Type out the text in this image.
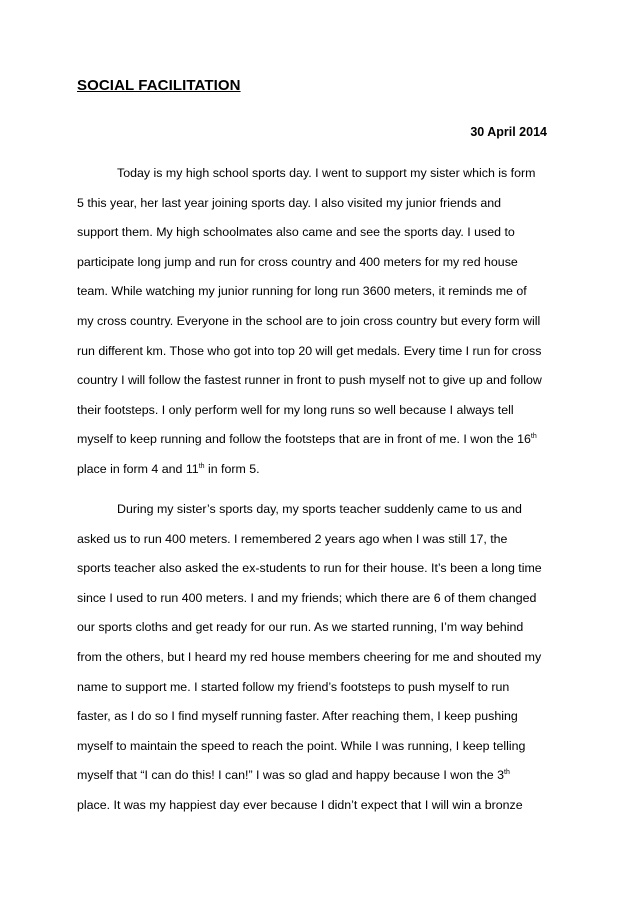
SOCIAL FACILITATION
30 April 2014
Today is my high school sports day. I went to support my sister which is form
5 this year, her last year joining sports day. I also visited my junior friends and
support them. My high schoolmates also came and see the sports day. I used to
participate long jump and run for cross country and 400 meters for my red house
team. While watching my junior running for long run 3600 meters, it reminds me of
my cross country. Everyone in the school are to join cross country but every form will
run different km. Those who got into top 20 will get medals. Every time I run for cross
country I will follow the fastest runner in front to push myself not to give up and follow
their footsteps. I only perform well for my long runs so well because I always tell
myself to keep running and follow the footsteps that are in front of me. I won the 16th
place in form 4 and 11th in form 5.
During my sister’s sports day, my sports teacher suddenly came to us and
asked us to run 400 meters. I remembered 2 years ago when I was still 17, the
sports teacher also asked the ex-students to run for their house. It’s been a long time
since I used to run 400 meters. I and my friends; which there are 6 of them changed
our sports cloths and get ready for our run. As we started running, I’m way behind
from the others, but I heard my red house members cheering for me and shouted my
name to support me. I started follow my friend’s footsteps to push myself to run
faster, as I do so I find myself running faster. After reaching them, I keep pushing
myself to maintain the speed to reach the point. While I was running, I keep telling
myself that “I can do this! I can!” I was so glad and happy because I won the 3th
place. It was my happiest day ever because I didn’t expect that I will win a bronze
